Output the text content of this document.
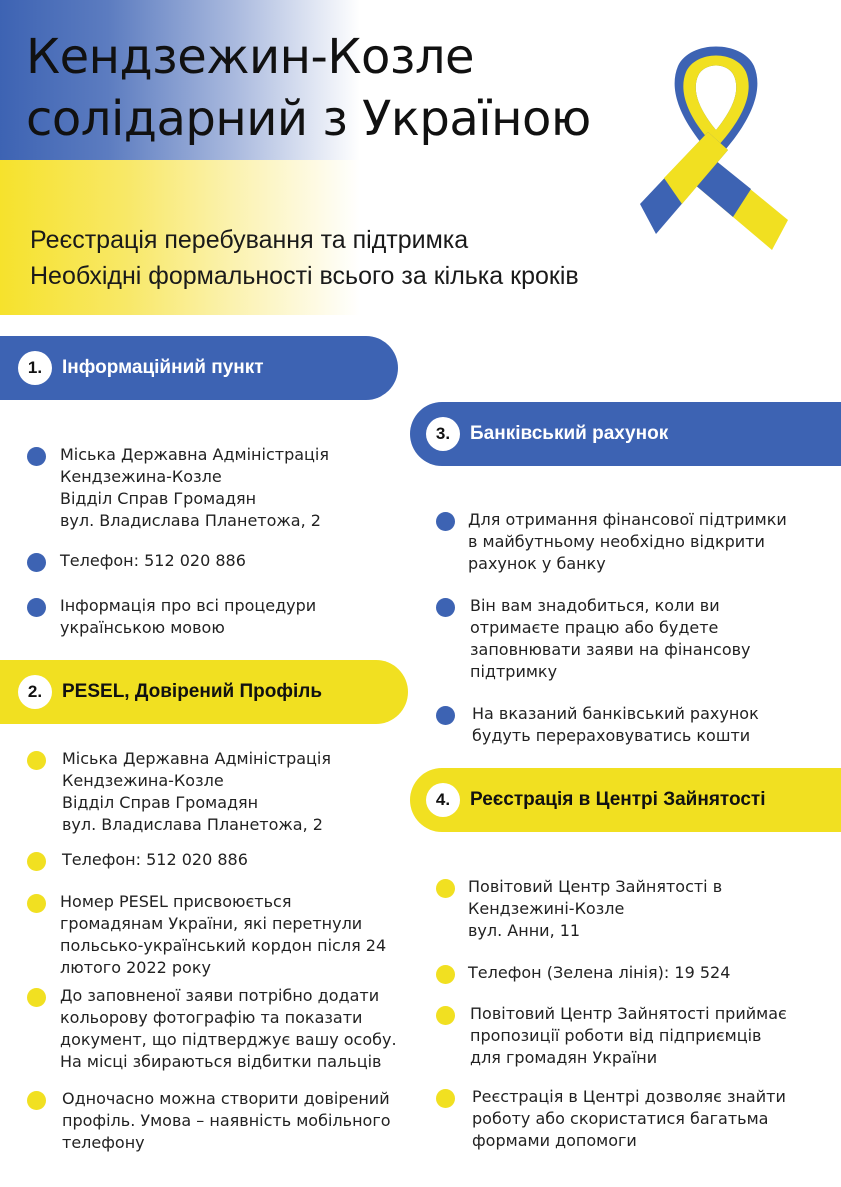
Кендзежин-Козле
солідарний з Україною
Реєстрація перебування та підтримка
Необхідні формальності всього за кілька кроків
1.	Інформаційний пункт
Міська Державна Адміністрація
Кендзежина-Козле
Відділ Справ Громадян
вул. Владислава Планетожа, 2
Телефон: 512 020 886
Інформація про всі процедури
українською мовою
2.	PESEL, Довірений Профіль
Міська Державна Адміністрація
Кендзежина-Козле
Відділ Справ Громадян
вул. Владислава Планетожа, 2
Телефон: 512 020 886
Номер PESEL присвоюється
громадянам України, які перетнули
польсько-український кордон після 24
лютого 2022 року
До заповненої заяви потрібно додати
кольорову фотографію та показати
документ, що підтверджує вашу особу.
На місці збираються відбитки пальців
Одночасно можна створити довірений
профіль. Умова – наявність мобільного
телефону
3.	Банківський рахунок
Для отримання фінансової підтримки
в майбутньому необхідно відкрити
рахунок у банку
Він вам знадобиться, коли ви
отримаєте працю або будете
заповнювати заяви на фінансову
підтримку
На вказаний банківський рахунок
будуть перераховуватись кошти
4.	Реєстрація в Центрі Зайнятості
Повітовий Центр Зайнятості в
Кендзежині-Козле
вул. Анни, 11
Телефон (Зелена лінія): 19 524
Повітовий Центр Зайнятості приймає
пропозиції роботи від підприємців
для громадян України
Реєстрація в Центрі дозволяє знайти
роботу або скористатися багатьма
формами допомоги
